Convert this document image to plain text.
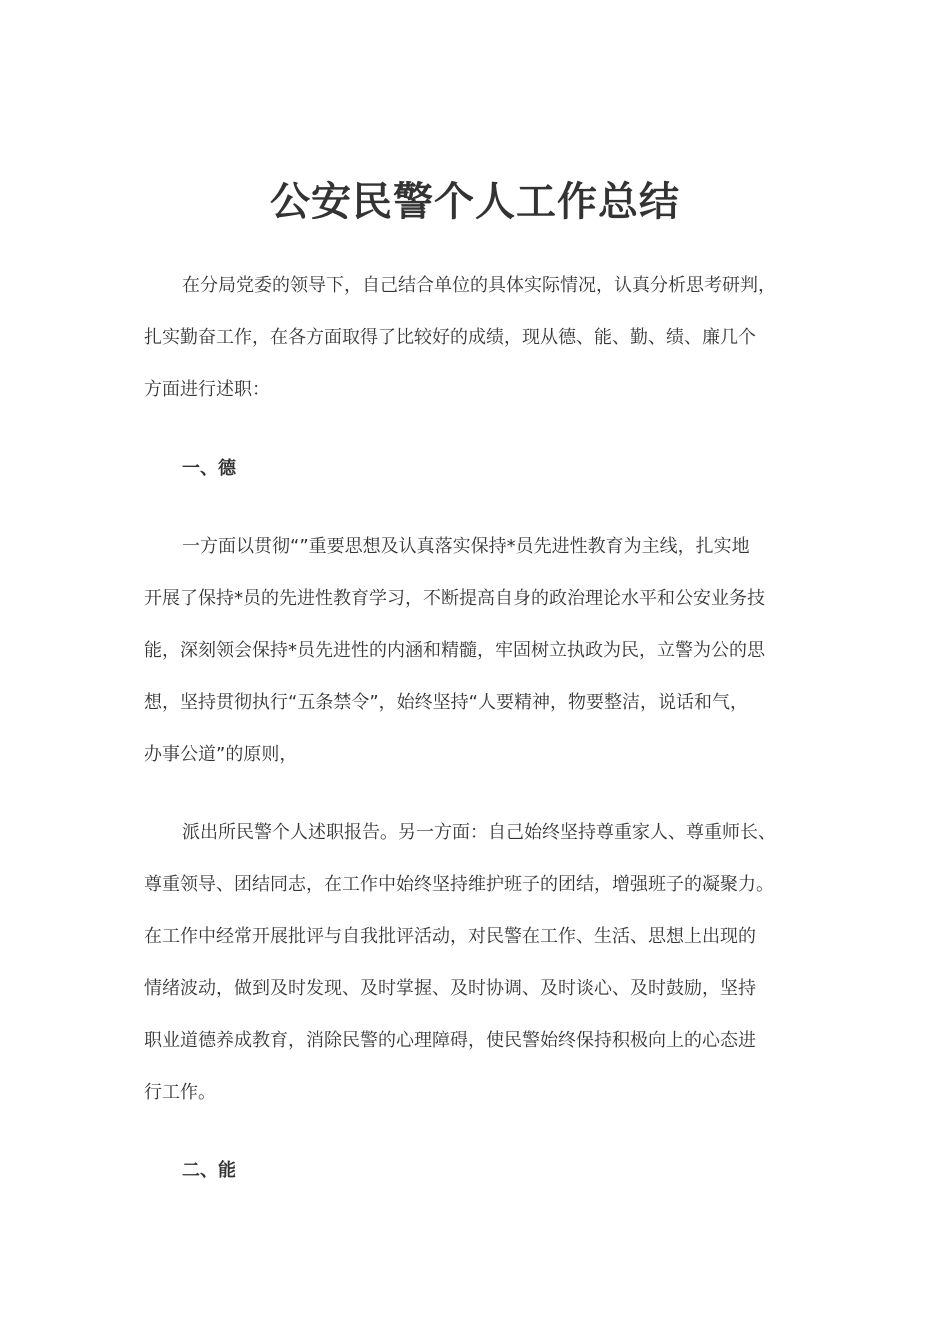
公安民警个人工作总结
在分局党委的领导下，自己结合单位的具体实际情况，认真分析思考研判，
扎实勤奋工作，在各方面取得了比较好的成绩，现从德、能、勤、绩、廉几个
方面进行述职：
一、德
一方面以贯彻“”重要思想及认真落实保持*员先进性教育为主线，扎实地
开展了保持*员的先进性教育学习，不断提高自身的政治理论水平和公安业务技
能，深刻领会保持*员先进性的内涵和精髓，牢固树立执政为民，立警为公的思
想，坚持贯彻执行“五条禁令”，始终坚持“人要精神，物要整洁，说话和气，
办事公道”的原则，
派出所民警个人述职报告。另一方面：自己始终坚持尊重家人、尊重师长、
尊重领导、团结同志，在工作中始终坚持维护班子的团结，增强班子的凝聚力。
在工作中经常开展批评与自我批评活动，对民警在工作、生活、思想上出现的
情绪波动，做到及时发现、及时掌握、及时协调、及时谈心、及时鼓励，坚持
职业道德养成教育，消除民警的心理障碍，使民警始终保持积极向上的心态进
行工作。
二、能
